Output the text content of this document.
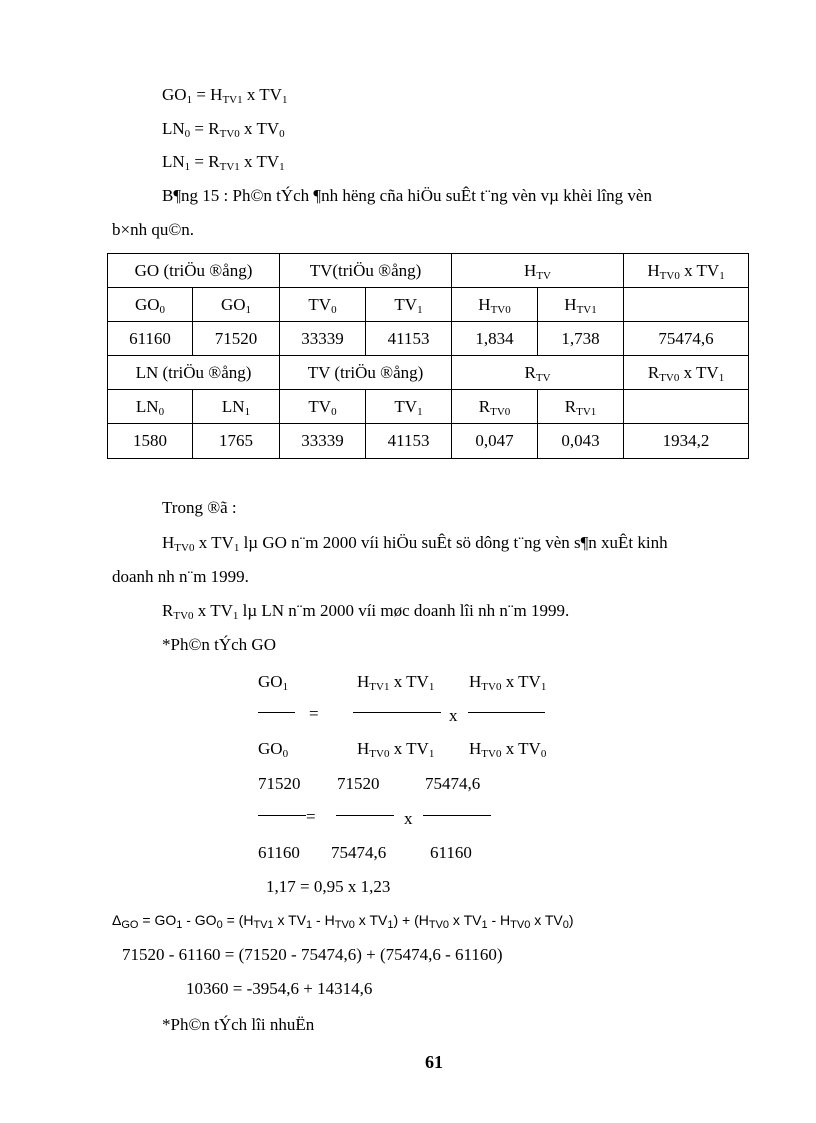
$GO_1 = H_{TV1}$ x $TV_1$
$LN_0 = R_{TV0}$ x $TV_0$
$LN_1 = R_{TV1}$ x $TV_1$
B¶ng 15 : Ph©n tÝch ¶nh hëng cña hiÖu suÊt t¨ng vèn vµ khèi lîng vèn
b×nh qu©n.
GO (triÖu ®ång)		TV(triÖu ®ång)		$H_{TV}$		$H_{TV0}$ x $TV_1$
$GO_0$	$GO_1$	$TV_0$	$TV_1$	$H_{TV0}$	$H_{TV1}$	
61160	71520	33339	41153	1,834	1,738	75474,6
LN (triÖu ®ång)		TV (triÖu ®ång)		$R_{TV}$		$R_{TV0}$ x $TV_1$
$LN_0$	$LN_1$	$TV_0$	$TV_1$	$R_{TV0}$	$R_{TV1}$	
1580	1765	33339	41153	0,047	0,043	1934,2
Trong ®ã :
$H_{TV0}$ x $TV_1$ lµ GO n¨m 2000 víi hiÖu suÊt sö dông t¨ng vèn s¶n xuÊt kinh
doanh nh n¨m 1999.
$R_{TV0}$ x $TV_1$ lµ LN n¨m 2000 víi møc doanh lîi nh n¨m 1999.
*Ph©n tÝch GO
$GO_1$	$H_{TV1}$ x $TV_1$ $H_{TV0}$ x $TV_1$
=	x
$GO_0$	$H_{TV0}$ x $TV_1$ $H_{TV0}$ x $TV_0$
71520 71520	75474,6
=	x
61160 75474,6	61160
1,17 = 0,95 x 1,23
$\Delta_{GO} = GO_1 - GO_0 = (H_{TV1}$ x $TV_1 - H_{TV0}$ x $TV_1) + (H_{TV0}$ x $TV_1 - H_{TV0}$ x $TV_0$)
71520 - 61160 = (71520 - 75474,6) + (75474,6 - 61160)
10360 = -3954,6 + 14314,6
*Ph©n tÝch lîi nhuËn
61
